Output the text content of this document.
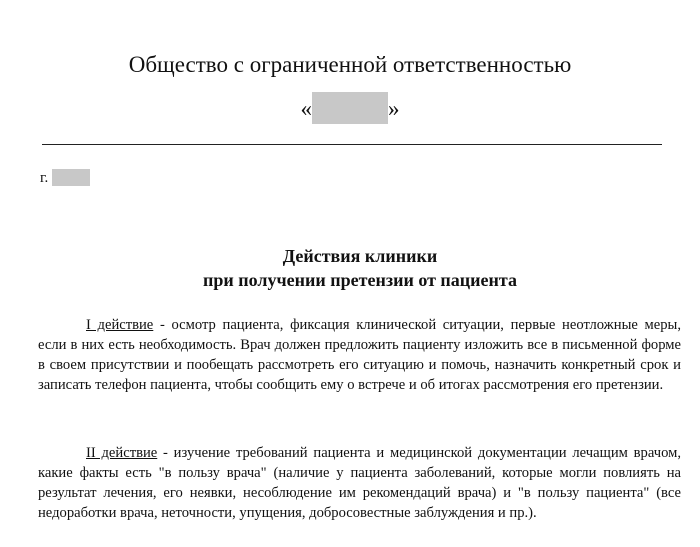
Общество с ограниченной ответственностью
«	»
г.
Действия клиники
при получении претензии от пациента

I действие - осмотр пациента, фиксация клинической ситуации, первые неотложные меры, если в них есть необходимость. Врач должен предложить пациенту изложить все в письменной форме в своем присутствии и пообещать рассмотреть его ситуацию и помочь, назначить конкретный срок и записать телефон пациента, чтобы сообщить ему о встрече и об итогах рассмотрения его претензии.

II действие - изучение требований пациента и медицинской документации лечащим врачом, какие факты есть "в пользу врача" (наличие у пациента заболеваний, которые могли повлиять на результат лечения, его неявки, несоблюдение им рекомендаций врача) и "в пользу пациента" (все недоработки врача, неточности, упущения, добросовестные заблуждения и пр.).
